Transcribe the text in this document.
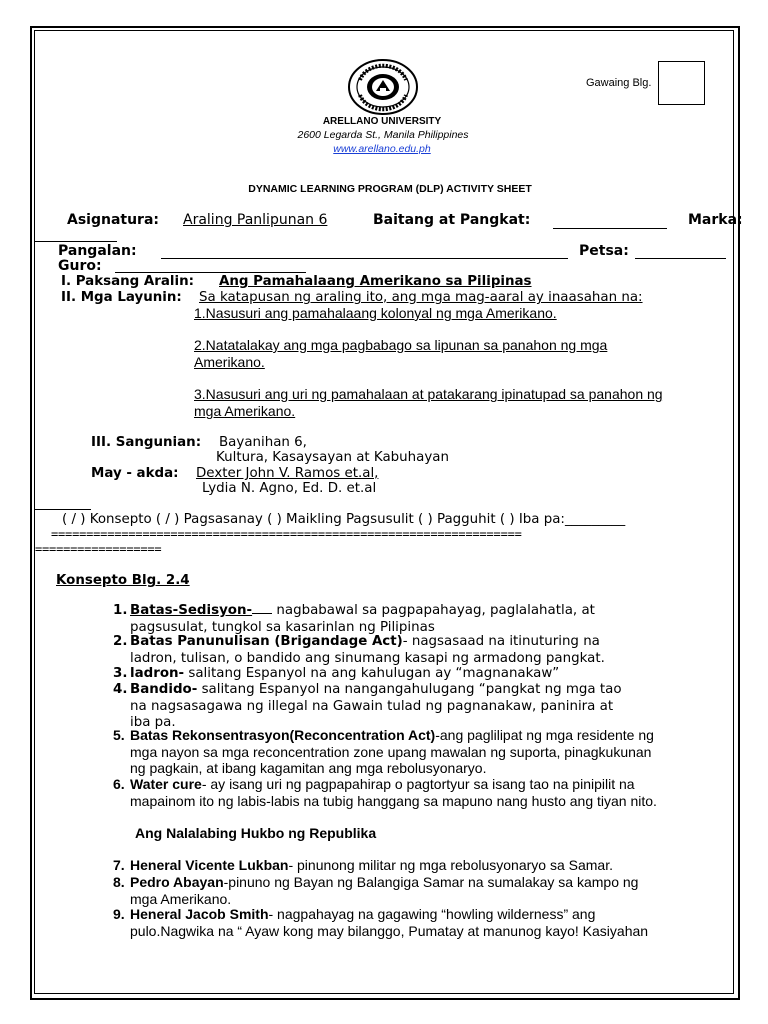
Gawaing Blg.
ARELLANO UNIVERSITY
2600 Legarda St., Manila Philippines
www.arellano.edu.ph
DYNAMIC LEARNING PROGRAM (DLP) ACTIVITY SHEET
Asignatura:	Araling Panlipunan 6	Baitang at Pangkat:	Marka:
Pangalan:	Petsa:
Guro:
I. Paksang Aralin: Ang Pamahalaang Amerikano sa Pilipinas
II. Mga Layunin: Sa katapusan ng araling ito, ang mga mag-aaral ay inaasahan na:
1.Nasusuri ang pamahalaang kolonyal ng mga Amerikano.
2.Natatalakay ang mga pagbabago sa lipunan sa panahon ng mga
Amerikano.
3.Nasusuri ang uri ng pamahalaan at patakarang ipinatupad sa panahon ng
mga Amerikano.
III. Sangunian: Bayanihan 6,
Kultura, Kasaysayan at Kabuhayan
May - akda: Dexter John V. Ramos et.al,
Lydia N. Agno, Ed. D. et.al
( / ) Konsepto ( / ) Pagsasanay ( ) Maikling Pagsusulit ( ) Pagguhit ( ) Iba pa:_________
===================================================================
==================
Konsepto Blg. 2.4
1. Batas-Sedisyon- nagbabawal sa pagpapahayag, paglalahatla, at
pagsusulat, tungkol sa kasarinlan ng Pilipinas
2. Batas Panunulisan (Brigandage Act)- nagsasaad na itinuturing na
ladron, tulisan, o bandido ang sinumang kasapi ng armadong pangkat.
3. ladron- salitang Espanyol na ang kahulugan ay “magnanakaw”
4. Bandido- salitang Espanyol na nangangahulugang “pangkat ng mga tao
na nagsasagawa ng illegal na Gawain tulad ng pagnanakaw, paninira at
iba pa.
5. Batas Rekonsentrasyon(Reconcentration Act)-ang paglilipat ng mga residente ng
mga nayon sa mga reconcentration zone upang mawalan ng suporta, pinagkukunan
ng pagkain, at ibang kagamitan ang mga rebolusyonaryo.
6. Water cure- ay isang uri ng pagpapahirap o pagtortyur sa isang tao na pinipilit na
mapainom ito ng labis-labis na tubig hanggang sa mapuno nang husto ang tiyan nito.
Ang Nalalabing Hukbo ng Republika
7. Heneral Vicente Lukban- pinunong militar ng mga rebolusyonaryo sa Samar.
8. Pedro Abayan-pinuno ng Bayan ng Balangiga Samar na sumalakay sa kampo ng
mga Amerikano.
9. Heneral Jacob Smith- nagpahayag na gagawing “howling wilderness” ang
pulo.Nagwika na “ Ayaw kong may bilanggo, Pumatay at manunog kayo! Kasiyahan
